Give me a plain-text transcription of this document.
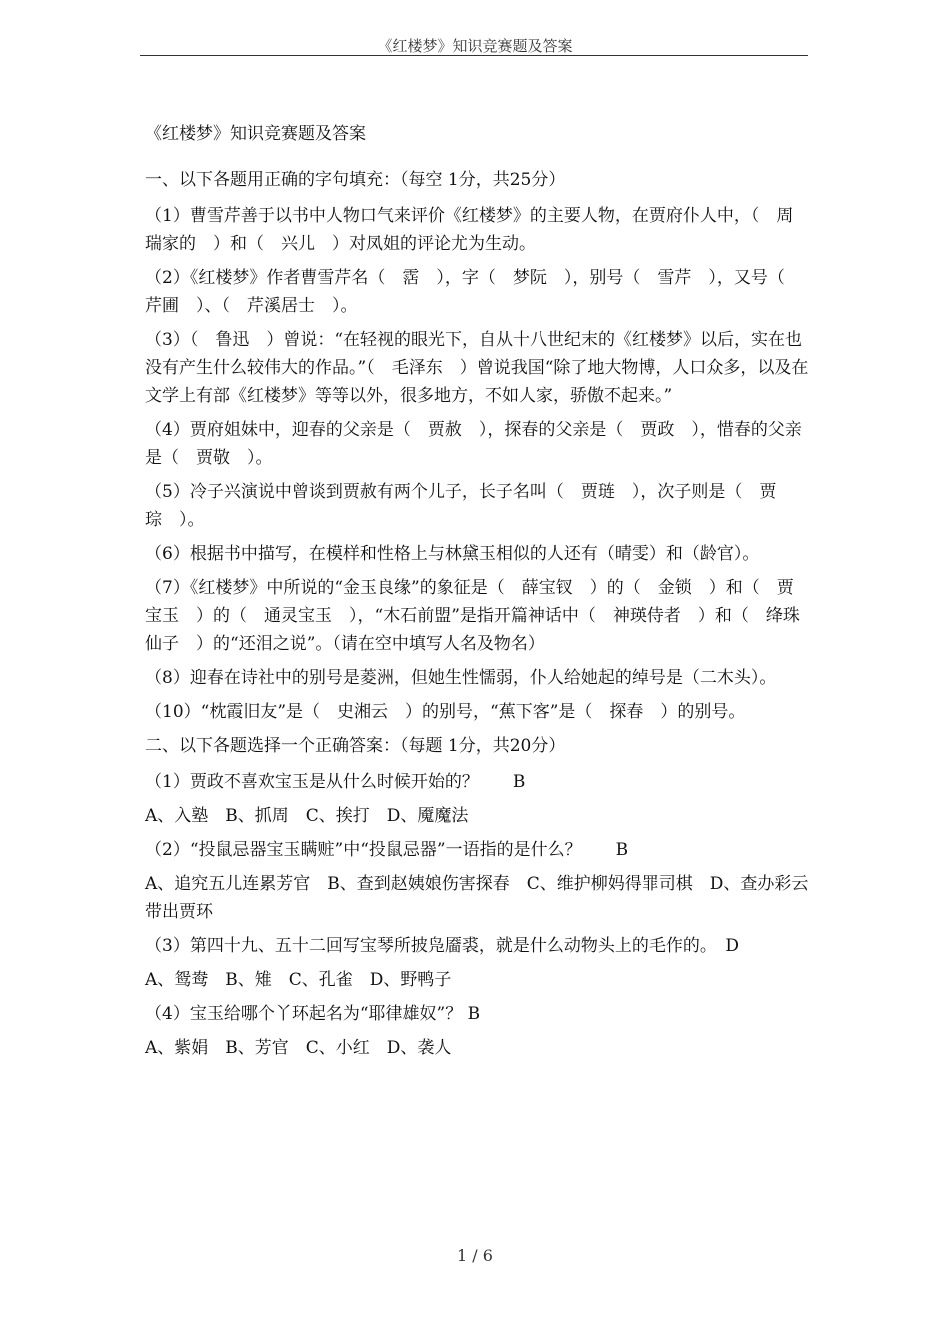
《红楼梦》知识竞赛题及答案
《红楼梦》知识竞赛题及答案
一、以下各题用正确的字句填充：（每空 1分，共25分）
（1）曹雪芹善于以书中人物口气来评价《红楼梦》的主要人物，在贾府仆人中，（　周瑞家的　）和（　兴儿　）对凤姐的评论尤为生动。
（2）《红楼梦》作者曹雪芹名（　霑　），字（　梦阮　），别号（　雪芹　），又号（　芹圃　）、（　芹溪居士　）。
（3）（　鲁迅　）曾说：“在轻视的眼光下，自从十八世纪末的《红楼梦》以后，实在也没有产生什么较伟大的作品。”（　毛泽东　）曾说我国“除了地大物博，人口众多，以及在文学上有部《红楼梦》等等以外，很多地方，不如人家，骄傲不起来。”
（4）贾府姐妹中，迎春的父亲是（　贾赦　），探春的父亲是（　贾政　），惜春的父亲是（　贾敬　）。
（5）冷子兴演说中曾谈到贾赦有两个儿子，长子名叫（　贾琏　），次子则是（　贾琮　）。
（6）根据书中描写，在模样和性格上与林黛玉相似的人还有（晴雯）和（龄官）。
（7）《红楼梦》中所说的“金玉良缘”的象征是（　薛宝钗　）的（　金锁　）和（　贾宝玉　）的（　通灵宝玉　），“木石前盟”是指开篇神话中（　神瑛侍者　）和（　绛珠仙子　）的“还泪之说”。（请在空中填写人名及物名）
（8）迎春在诗社中的别号是菱洲，但她生性懦弱，仆人给她起的绰号是（二木头）。
（10）“枕霞旧友”是（　史湘云　）的别号，“蕉下客”是（　探春　）的别号。
二、以下各题选择一个正确答案：（每题 1分，共20分）
（1）贾政不喜欢宝玉是从什么时候开始的？　　B
A、入塾　B、抓周　C、挨打　D、魇魔法
（2）“投鼠忌器宝玉瞒赃”中“投鼠忌器”一语指的是什么？　　B
A、追究五儿连累芳官　B、查到赵姨娘伤害探春　C、维护柳妈得罪司棋　D、查办彩云带出贾环
（3）第四十九、五十二回写宝琴所披凫靥裘，就是什么动物头上的毛作的。　D
A、鸳鸯　B、雉　C、孔雀　D、野鸭子
（4）宝玉给哪个丫环起名为“耶律雄奴”？ B
A、紫娟　B、芳官　C、小红　D、袭人
1 / 6
